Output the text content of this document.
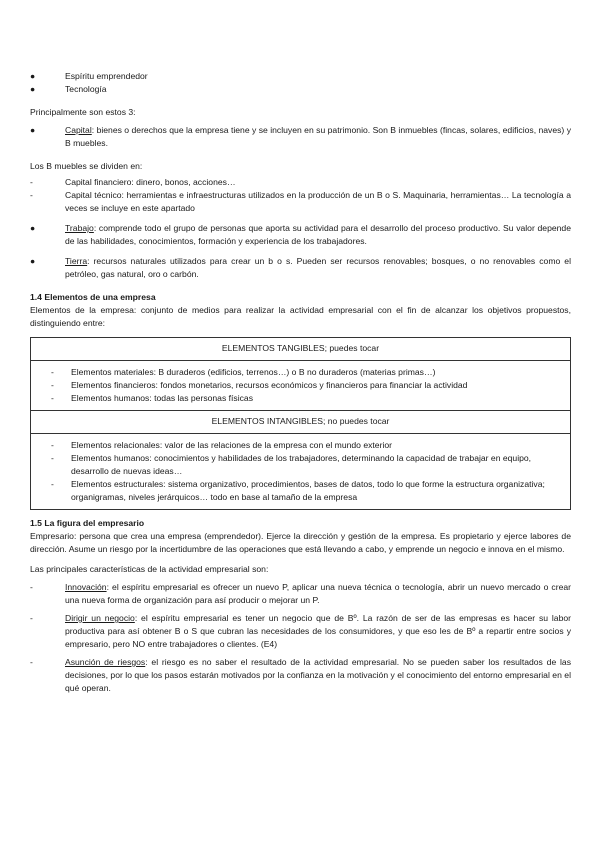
●	Espíritu emprendedor
●	Tecnología
Principalmente son estos 3:
●	Capital: bienes o derechos que la empresa tiene y se incluyen en su patrimonio. Son B inmuebles (fincas, solares, edificios, naves) y B muebles.
Los B muebles se dividen en:
-	Capital financiero: dinero, bonos, acciones…
-	Capital técnico: herramientas e infraestructuras utilizados en la producción de un B o S. Maquinaria, herramientas… La tecnología a veces se incluye en este apartado
●	Trabajo: comprende todo el grupo de personas que aporta su actividad para el desarrollo del proceso productivo. Su valor depende de las habilidades, conocimientos, formación y experiencia de los trabajadores.
●	Tierra: recursos naturales utilizados para crear un b o s. Pueden ser recursos renovables; bosques, o no renovables como el petróleo, gas natural, oro o carbón.
1.4 Elementos de una empresa
Elementos de la empresa: conjunto de medios para realizar la actividad empresarial con el fin de alcanzar los objetivos propuestos, distinguiendo entre:
ELEMENTOS TANGIBLES; puedes tocar
-	Elementos materiales: B duraderos (edificios, terrenos…) o B no duraderos (materias primas…)
-	Elementos financieros: fondos monetarios, recursos económicos y financieros para financiar la actividad
-	Elementos humanos: todas las personas físicas
ELEMENTOS INTANGIBLES; no puedes tocar
-	Elementos relacionales: valor de las relaciones de la empresa con el mundo exterior
-	Elementos humanos: conocimientos y habilidades de los trabajadores, determinando la capacidad de trabajar en equipo, desarrollo de nuevas ideas…
-	Elementos estructurales: sistema organizativo, procedimientos, bases de datos, todo lo que forme la estructura organizativa; organigramas, niveles jerárquicos… todo en base al tamaño de la empresa
1.5 La figura del empresario
Empresario: persona que crea una empresa (emprendedor). Ejerce la dirección y gestión de la empresa. Es propietario y ejerce labores de dirección. Asume un riesgo por la incertidumbre de las operaciones que está llevando a cabo, y emprende un negocio e innova en el mismo.
Las principales características de la actividad empresarial son:
-	Innovación: el espíritu empresarial es ofrecer un nuevo P, aplicar una nueva técnica o tecnología, abrir un nuevo mercado o crear una nueva forma de organización para así producir o mejorar un P.
-	Dirigir un negocio: el espíritu empresarial es tener un negocio que de Bº. La razón de ser de las empresas es hacer su labor productiva para así obtener B o S que cubran las necesidades de los consumidores, y que eso les de Bº a repartir entre socios y empresario, pero NO entre trabajadores o clientes. (E4)
-	Asunción de riesgos: el riesgo es no saber el resultado de la actividad empresarial. No se pueden saber los resultados de las decisiones, por lo que los pasos estarán motivados por la confianza en la motivación y el conocimiento del entorno empresarial en el qué operan.
